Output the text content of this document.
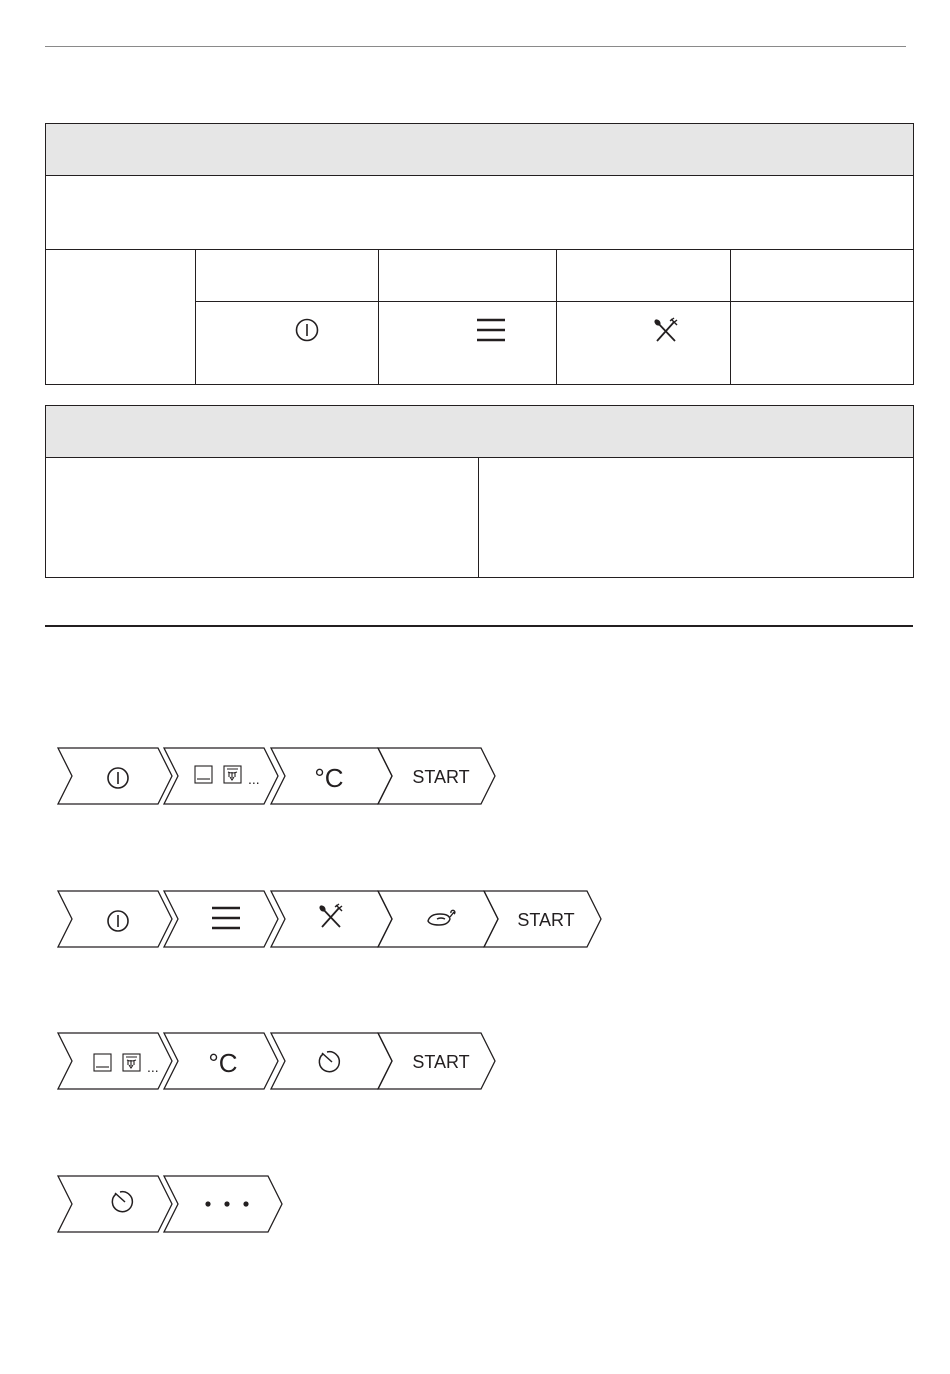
... °C	START
START
... °C	START
